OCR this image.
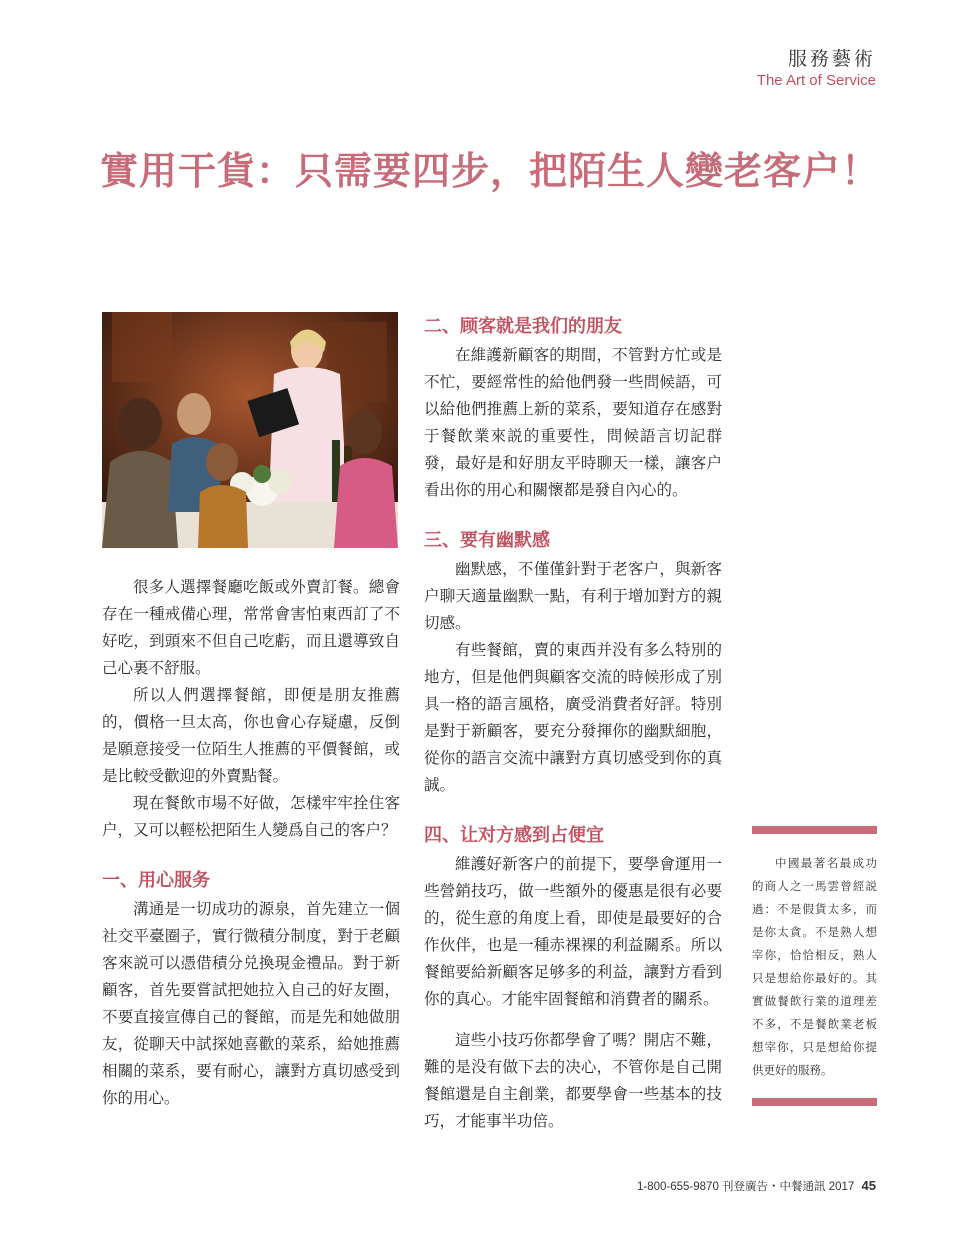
服務藝術
The Art of Service
實用干貨：只需要四步，把陌生人變老客户！

很多人選擇餐廳吃飯或外賣訂餐。總會存在一種戒備心理，常常會害怕東西訂了不好吃，到頭來不但自己吃虧，而且還導致自己心裏不舒服。

所以人們選擇餐館，即便是朋友推薦的，價格一旦太高，你也會心存疑慮，反倒是願意接受一位陌生人推薦的平價餐館，或是比較受歡迎的外賣點餐。

現在餐飲市場不好做，怎樣牢牢拴住客户，又可以輕松把陌生人變爲自己的客户？

一、用心服务

溝通是一切成功的源泉，首先建立一個社交平臺圈子，實行微積分制度，對于老顧客來説可以憑借積分兑換現金禮品。對于新顧客，首先要嘗試把她拉入自己的好友圈，不要直接宣傳自己的餐館，而是先和她做朋友，從聊天中試探她喜歡的菜系，給她推薦相關的菜系，要有耐心，讓對方真切感受到你的用心。

二、顾客就是我们的朋友

在維護新顧客的期間，不管對方忙或是不忙，要經常性的給他們發一些問候語，可以給他們推薦上新的菜系，要知道存在感對于餐飲業來説的重要性，問候語言切記群發，最好是和好朋友平時聊天一樣，讓客户看出你的用心和關懷都是發自內心的。

三、要有幽默感

幽默感，不僅僅針對于老客户，與新客户聊天適量幽默一點，有利于增加對方的親切感。

有些餐館，賣的東西并没有多么特別的地方，但是他們與顧客交流的時候形成了別具一格的語言風格，廣受消費者好評。特別是對于新顧客，要充分發揮你的幽默細胞，從你的語言交流中讓對方真切感受到你的真誠。

四、让对方感到占便宜

維護好新客户的前提下，要學會運用一些營銷技巧，做一些額外的優惠是很有必要的，從生意的角度上看，即使是最要好的合作伙伴，也是一種赤裸裸的利益關系。所以餐館要給新顧客足够多的利益，讓對方看到你的真心。才能牢固餐館和消費者的關系。

這些小技巧你都學會了嗎？開店不難，難的是没有做下去的决心，不管你是自己開餐館還是自主創業，都要學會一些基本的技巧，才能事半功倍。

中國最著名最成功的商人之一馬雲曾經説過：不是假貨太多，而是你太貪。不是熟人想宰你，恰恰相反，熟人只是想給你最好的。其實做餐飲行業的道理差不多，不是餐飲業老板想宰你，只是想給你提供更好的服務。

1-800-655-9870 刊登廣告・中餐通訊 2017 45
